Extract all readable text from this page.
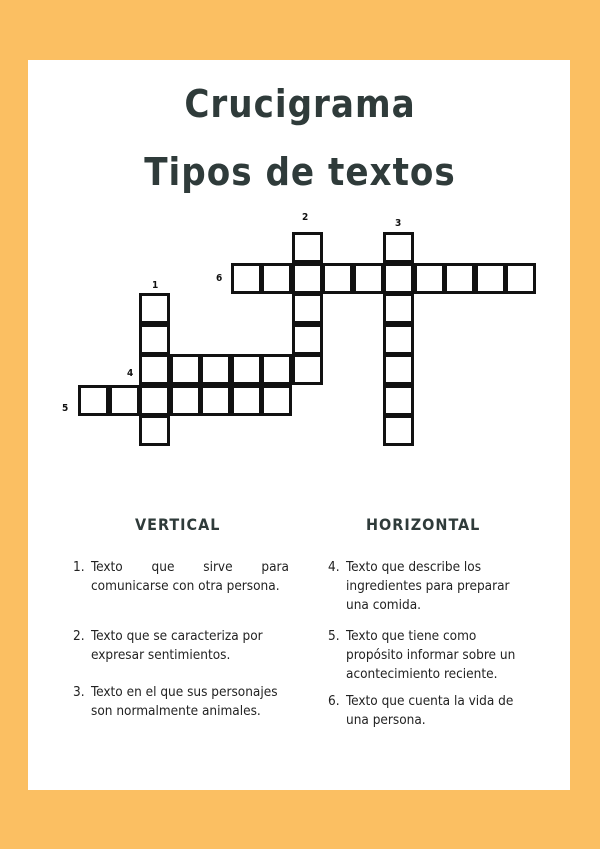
Crucigrama
Tipos de textos
1
2
3
4
5
6
VERTICAL	HORIZONTAL
1. Texto que sirve para comunicarse con otra persona.
2. Texto que se caracteriza por expresar sentimientos.
3. Texto en el que sus personajes son normalmente animales.
4. Texto que describe los ingredientes para preparar una comida.
5. Texto que tiene como propósito informar sobre un acontecimiento reciente.
6. Texto que cuenta la vida de una persona.
